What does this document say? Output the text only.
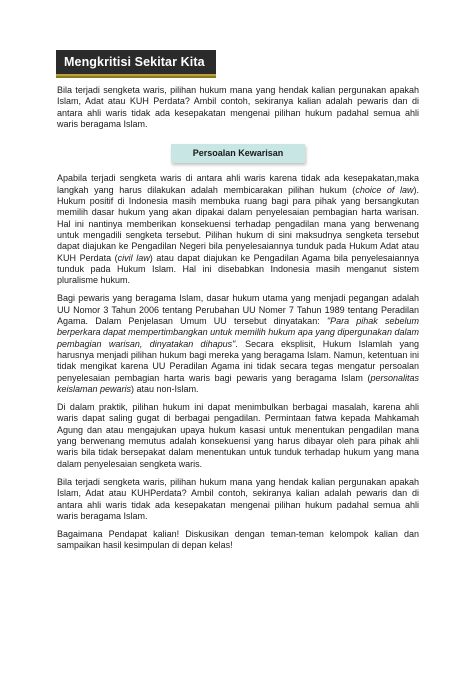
Mengkritisi Sekitar Kita

Bila terjadi sengketa waris, pilihan hukum mana yang hendak kalian pergunakan apakah Islam, Adat atau KUH Perdata? Ambil contoh, sekiranya kalian adalah pewaris dan di antara ahli waris tidak ada kesepakatan mengenai pilihan hukum padahal semua ahli waris beragama Islam.

Persoalan Kewarisan

Apabila terjadi sengketa waris di antara ahli waris karena tidak ada kesepakatan,maka langkah yang harus dilakukan adalah membicarakan pilihan hukum (choice of law). Hukum positif di Indonesia masih membuka ruang bagi para pihak yang bersangkutan memilih dasar hukum yang akan dipakai dalam penyelesaian pembagian harta warisan. Hal ini nantinya memberikan konsekuensi terhadap pengadilan mana yang berwenang untuk mengadili sengketa tersebut. Pilihan hukum di sini maksudnya sengketa tersebut dapat diajukan ke Pengadilan Negeri bila penyelesaiannya tunduk pada Hukum Adat atau KUH Perdata (civil law) atau dapat diajukan ke Pengadilan Agama bila penyelesaiannya tunduk pada Hukum Islam. Hal ini disebabkan Indonesia masih menganut sistem pluralisme hukum.

Bagi pewaris yang beragama Islam, dasar hukum utama yang menjadi pegangan adalah UU Nomor 3 Tahun 2006 tentang Perubahan UU Nomer 7 Tahun 1989 tentang Peradilan Agama. Dalam Penjelasan Umum UU tersebut dinyatakan: "Para pihak sebelum berperkara dapat mempertimbangkan untuk memilih hukum apa yang dipergunakan dalam pembagian warisan, dinyatakan dihapus". Secara eksplisit, Hukum Islamlah yang harusnya menjadi pilihan hukum bagi mereka yang beragama Islam. Namun, ketentuan ini tidak mengikat karena UU Peradilan Agama ini tidak secara tegas mengatur persoalan penyelesaian pembagian harta waris bagi pewaris yang beragama Islam (personalitas keislaman pewaris) atau non-Islam.

Di dalam praktik, pilihan hukum ini dapat menimbulkan berbagai masalah, karena ahli waris dapat saling gugat di berbagai pengadilan. Permintaan fatwa kepada Mahkamah Agung dan atau mengajukan upaya hukum kasasi untuk menentukan pengadilan mana yang berwenang memutus adalah konsekuensi yang harus dibayar oleh para pihak ahli waris bila tidak bersepakat dalam menentukan untuk tunduk terhadap hukum yang mana dalam penyelesaian sengketa waris.

Bila terjadi sengketa waris, pilihan hukum mana yang hendak kalian pergunakan apakah Islam, Adat atau KUHPerdata? Ambil contoh, sekiranya kalian adalah pewaris dan di antara ahli waris tidak ada kesepakatan mengenai pilihan hukum padahal semua ahli waris beragama Islam.

Bagaimana Pendapat kalian! Diskusikan dengan teman-teman kelompok kalian dan sampaikan hasil kesimpulan di depan kelas!
